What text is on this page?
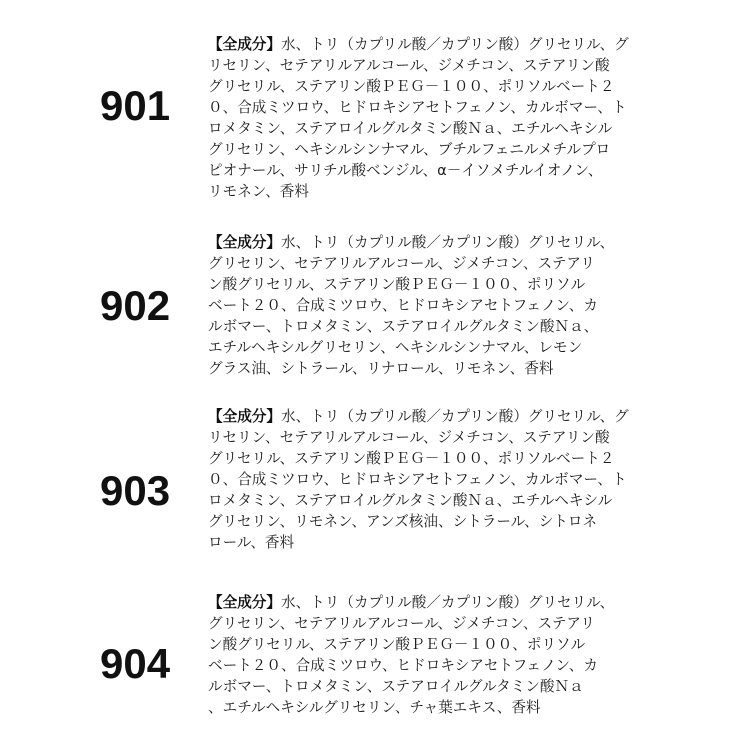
901
【全成分】水、トリ（カプリル酸／カプリン酸）グリセリル、グ
リセリン、セテアリルアルコール、ジメチコン、ステアリン酸
グリセリル、ステアリン酸ＰＥＧ－１００、ポリソルベート２
０、合成ミツロウ、ヒドロキシアセトフェノン、カルボマー、ト
ロメタミン、ステアロイルグルタミン酸Ｎａ、エチルヘキシル
グリセリン、ヘキシルシンナマル、ブチルフェニルメチルプロ
ピオナール、サリチル酸ベンジル、α－イソメチルイオノン、
リモネン、香料
902
【全成分】水、トリ（カプリル酸／カプリン酸）グリセリル、
グリセリン、セテアリルアルコール、ジメチコン、ステアリ
ン酸グリセリル、ステアリン酸ＰＥＧ－１００、ポリソル
ベート２０、合成ミツロウ、ヒドロキシアセトフェノン、カ
ルボマー、トロメタミン、ステアロイルグルタミン酸Ｎａ、
エチルヘキシルグリセリン、ヘキシルシンナマル、レモン
グラス油、シトラール、リナロール、リモネン、香料
903
【全成分】水、トリ（カプリル酸／カプリン酸）グリセリル、グ
リセリン、セテアリルアルコール、ジメチコン、ステアリン酸
グリセリル、ステアリン酸ＰＥＧ－１００、ポリソルベート２
０、合成ミツロウ、ヒドロキシアセトフェノン、カルボマー、ト
ロメタミン、ステアロイルグルタミン酸Ｎａ、エチルヘキシル
グリセリン、リモネン、アンズ核油、シトラール、シトロネ
ロール、香料
904
【全成分】水、トリ（カプリル酸／カプリン酸）グリセリル、
グリセリン、セテアリルアルコール、ジメチコン、ステアリ
ン酸グリセリル、ステアリン酸ＰＥＧ－１００、ポリソル
ベート２０、合成ミツロウ、ヒドロキシアセトフェノン、カ
ルボマー、トロメタミン、ステアロイルグルタミン酸Ｎａ
、エチルヘキシルグリセリン、チャ葉エキス、香料
